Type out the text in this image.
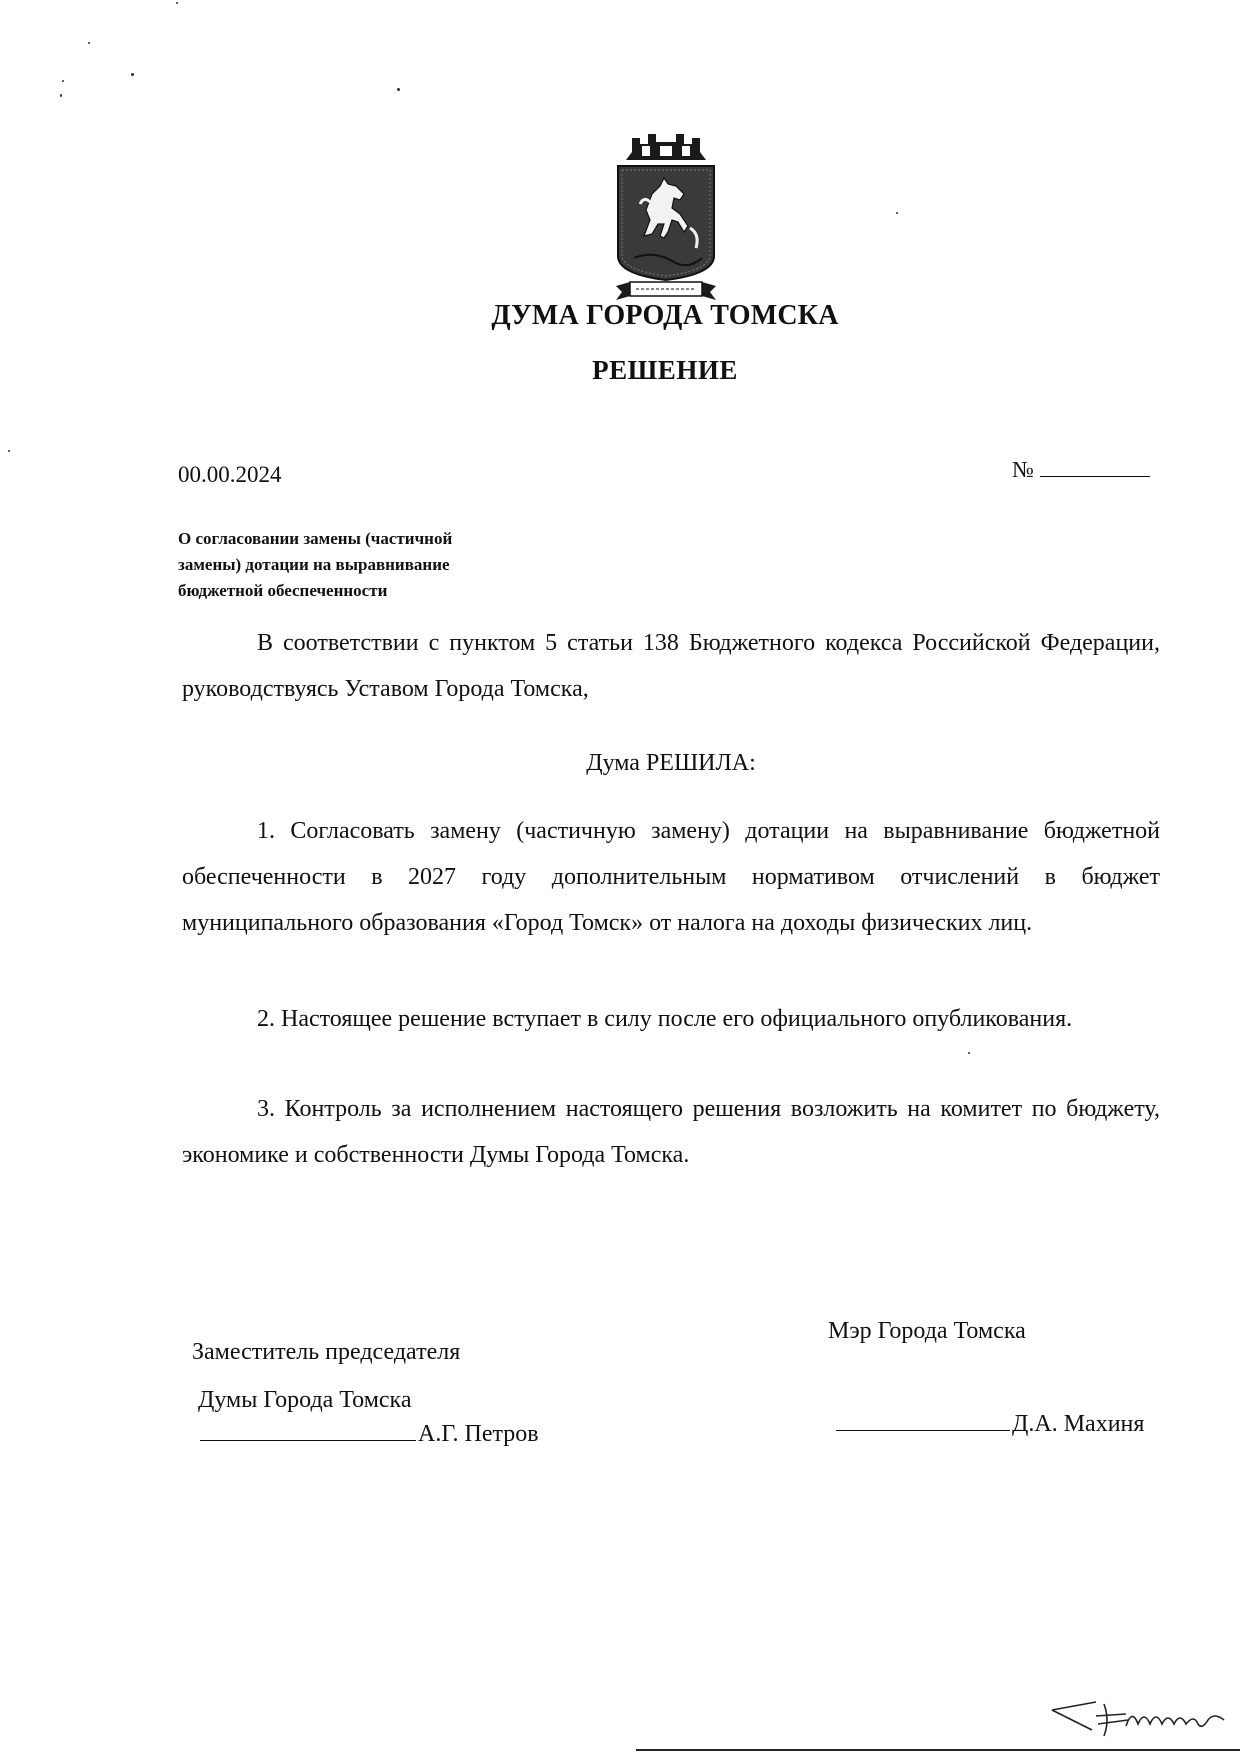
ДУМА ГОРОДА ТОМСКА
РЕШЕНИЕ
00.00.2024	№
О согласовании замены (частичной
замены) дотации на выравнивание
бюджетной обеспеченности
В соответствии с пунктом 5 статьи 138 Бюджетного кодекса Российской Федерации, руководствуясь Уставом Города Томска,
Дума РЕШИЛА:
1. Согласовать замену (частичную замену) дотации на выравнивание бюджетной обеспеченности в 2027 году дополнительным нормативом отчислений в бюджет муниципального образования «Город Томск» от налога на доходы физических лиц.
2. Настоящее решение вступает в силу после его официального опубликования.
3. Контроль за исполнением настоящего решения возложить на комитет по бюджету, экономике и собственности Думы Города Томска.
Заместитель председателя
Думы Города Томска
А.Г. Петров
Мэр Города Томска
Д.А. Махиня
